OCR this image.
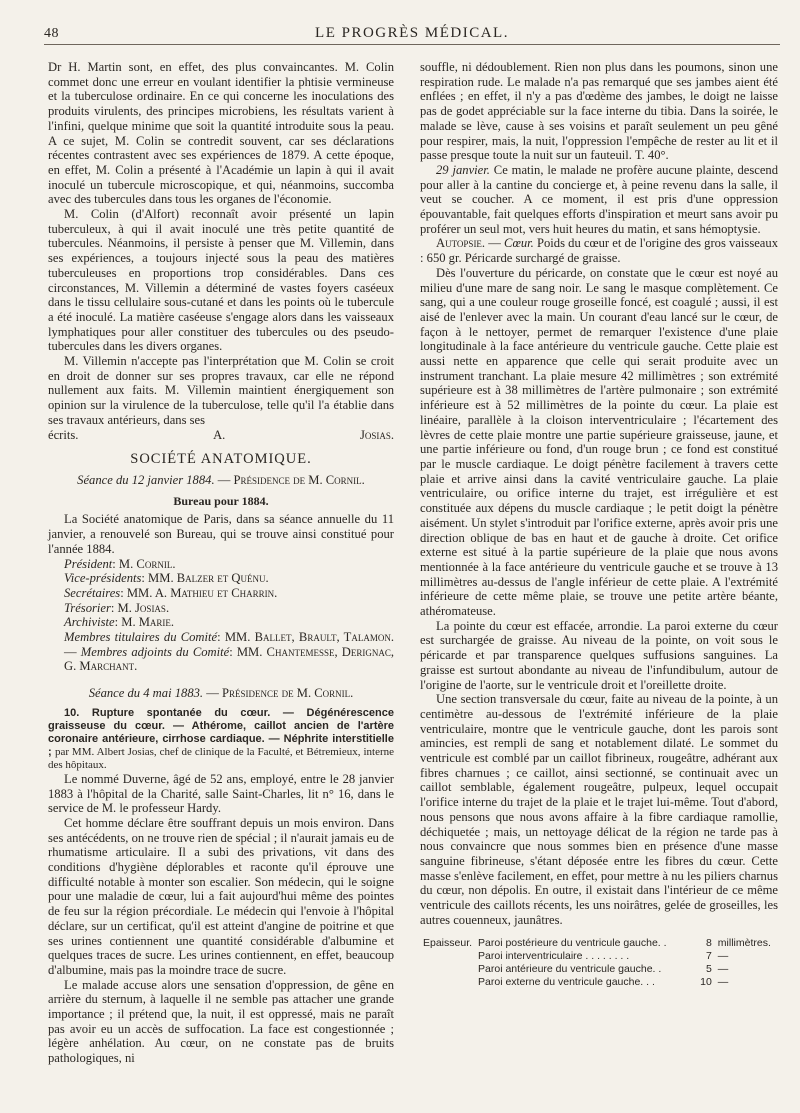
48	LE PROGRÈS MÉDICAL.

Dr H. Martin sont, en effet, des plus convaincantes. M. Colin commet donc une erreur en voulant identifier la phtisie vermineuse et la tuberculose ordinaire. En ce qui concerne les inoculations des produits virulents, des principes microbiens, les résultats varient à l'infini, quelque minime que soit la quantité introduite sous la peau. A ce sujet, M. Colin se contredit souvent, car ses déclarations récentes contrastent avec ses expériences de 1879. A cette époque, en effet, M. Colin a présenté à l'Académie un lapin à qui il avait inoculé un tubercule microscopique, et qui, néanmoins, succomba avec des tubercules dans tous les organes de l'économie.

M. Colin (d'Alfort) reconnaît avoir présenté un lapin tuberculeux, à qui il avait inoculé une très petite quantité de tubercules. Néanmoins, il persiste à penser que M. Villemin, dans ses expériences, a toujours injecté sous la peau des matières tuberculeuses en proportions trop considérables. Dans ces circonstances, M. Villemin a déterminé de vastes foyers caséeux dans le tissu cellulaire sous-cutané et dans les points où le tubercule a été inoculé. La matière caséeuse s'engage alors dans les vaisseaux lymphatiques pour aller constituer des tubercules ou des pseudo-tubercules dans les divers organes.

M. Villemin n'accepte pas l'interprétation que M. Colin se croit en droit de donner sur ses propres travaux, car elle ne répond nullement aux faits. M. Villemin maintient énergiquement son opinion sur la virulence de la tuberculose, telle qu'il l'a établie dans ses travaux antérieurs, dans ses

écrits.	A. Josias.

SOCIÉTÉ ANATOMIQUE.
Séance du 12 janvier 1884. — Présidence de M. Cornil.
Bureau pour 1884.

La Société anatomique de Paris, dans sa séance annuelle du 11 janvier, a renouvelé son Bureau, qui se trouve ainsi constitué pour l'année 1884.

Président: M. Cornil.

Vice-présidents: MM. Balzer et Quénu.

Secrétaires: MM. A. Mathieu et Charrin.

Trésorier: M. Josias.

Archiviste: M. Marie.

Membres titulaires du Comité: MM. Ballet, Brault, Talamon. — Membres adjoints du Comité: MM. Chantemesse, Derignac, G. Marchant.

Séance du 4 mai 1883. — Présidence de M. Cornil.

10. Rupture spontanée du cœur. — Dégénérescence graisseuse du cœur. — Athérome, caillot ancien de l'artère coronaire antérieure, cirrhose cardiaque. — Néphrite interstitielle ; par MM. Albert Josias, chef de clinique de la Faculté, et Bétremieux, interne des hôpitaux.

Le nommé Duverne, âgé de 52 ans, employé, entre le 28 janvier 1883 à l'hôpital de la Charité, salle Saint-Charles, lit n° 16, dans le service de M. le professeur Hardy.

Cet homme déclare être souffrant depuis un mois environ. Dans ses antécédents, on ne trouve rien de spécial ; il n'aurait jamais eu de rhumatisme articulaire. Il a subi des privations, vit dans des conditions d'hygiène déplorables et raconte qu'il éprouve une difficulté notable à monter son escalier. Son médecin, qui le soigne pour une maladie de cœur, lui a fait aujourd'hui même des pointes de feu sur la région précordiale. Le médecin qui l'envoie à l'hôpital déclare, sur un certificat, qu'il est atteint d'angine de poitrine et que ses urines contiennent une quantité considérable d'albumine et quelques traces de sucre. Les urines contiennent, en effet, beaucoup d'albumine, mais pas la moindre trace de sucre.

Le malade accuse alors une sensation d'oppression, de gêne en arrière du sternum, à laquelle il ne semble pas attacher une grande importance ; il prétend que, la nuit, il est oppressé, mais ne paraît pas avoir eu un accès de suffocation. La face est congestionnée ; légère anhélation. Au cœur, on ne constate pas de bruits pathologiques, ni

souffle, ni dédoublement. Rien non plus dans les poumons, sinon une respiration rude. Le malade n'a pas remarqué que ses jambes aient été enflées ; en effet, il n'y a pas d'œdème des jambes, le doigt ne laisse pas de godet appréciable sur la face interne du tibia. Dans la soirée, le malade se lève, cause à ses voisins et paraît seulement un peu gêné pour respirer, mais, la nuit, l'oppression l'empêche de rester au lit et il passe presque toute la nuit sur un fauteuil. T. 40°.

29 janvier. Ce matin, le malade ne profère aucune plainte, descend pour aller à la cantine du concierge et, à peine revenu dans la salle, il veut se coucher. A ce moment, il est pris d'une oppression épouvantable, fait quelques efforts d'inspiration et meurt sans avoir pu proférer un seul mot, vers huit heures du matin, et sans hémoptysie.

Autopsie. — Cœur. Poids du cœur et de l'origine des gros vaisseaux : 650 gr. Péricarde surchargé de graisse.

Dès l'ouverture du péricarde, on constate que le cœur est noyé au milieu d'une mare de sang noir. Le sang le masque complètement. Ce sang, qui a une couleur rouge groseille foncé, est coagulé ; aussi, il est aisé de l'enlever avec la main. Un courant d'eau lancé sur le cœur, de façon à le nettoyer, permet de remarquer l'existence d'une plaie longitudinale à la face antérieure du ventricule gauche. Cette plaie est aussi nette en apparence que celle qui serait produite avec un instrument tranchant. La plaie mesure 42 millimètres ; son extrémité supérieure est à 38 millimètres de l'artère pulmonaire ; son extrémité inférieure est à 52 millimètres de la pointe du cœur. La plaie est linéaire, parallèle à la cloison interventriculaire ; l'écartement des lèvres de cette plaie montre une partie supérieure graisseuse, jaune, et une partie inférieure ou fond, d'un rouge brun ; ce fond est constitué par le muscle cardiaque. Le doigt pénètre facilement à travers cette plaie et arrive ainsi dans la cavité ventriculaire gauche. La plaie ventriculaire, ou orifice interne du trajet, est irrégulière et est constituée aux dépens du muscle cardiaque ; le petit doigt la pénètre aisément. Un stylet s'introduit par l'orifice externe, après avoir pris une direction oblique de bas en haut et de gauche à droite. Cet orifice externe est situé à la partie supérieure de la plaie que nous avons mentionnée à la face antérieure du ventricule gauche et se trouve à 13 millimètres au-dessus de l'angle inférieur de cette plaie. A l'extrémité inférieure de cette même plaie, se trouve une petite artère béante, athéromateuse.

La pointe du cœur est effacée, arrondie. La paroi externe du cœur est surchargée de graisse. Au niveau de la pointe, on voit sous le péricarde et par transparence quelques suffusions sanguines. La graisse est surtout abondante au niveau de l'infundibulum, autour de l'origine de l'aorte, sur le ventricule droit et l'oreillette droite.

Une section transversale du cœur, faite au niveau de la pointe, à un centimètre au-dessous de l'extrémité inférieure de la plaie ventriculaire, montre que le ventricule gauche, dont les parois sont amincies, est rempli de sang et notablement dilaté. Le sommet du ventricule est comblé par un caillot fibrineux, rougeâtre, adhérant aux fibres charnues ; ce caillot, ainsi sectionné, se continuait avec un caillot semblable, également rougeâtre, pulpeux, lequel occupait l'orifice interne du trajet de la plaie et le trajet lui-même. Tout d'abord, nous pensons que nous avons affaire à la fibre cardiaque ramollie, déchiquetée ; mais, un nettoyage délicat de la région ne tarde pas à nous convaincre que nous sommes bien en présence d'une masse sanguine fibrineuse, s'étant déposée entre les fibres du cœur. Cette masse s'enlève facilement, en effet, pour mettre à nu les piliers charnus du cœur, non dépolis. En outre, il existait dans l'intérieur de ce même ventricule des caillots récents, les uns noirâtres, gelée de groseilles, les autres couenneux, jaunâtres.

Epaisseur.	Paroi postérieure du ventricule gauche. .	8	millimètres.
	Paroi interventriculaire . . . . . . . .	7	—
	Paroi antérieure du ventricule gauche. .	5	—
	Paroi externe du ventricule gauche. . .	10	—
